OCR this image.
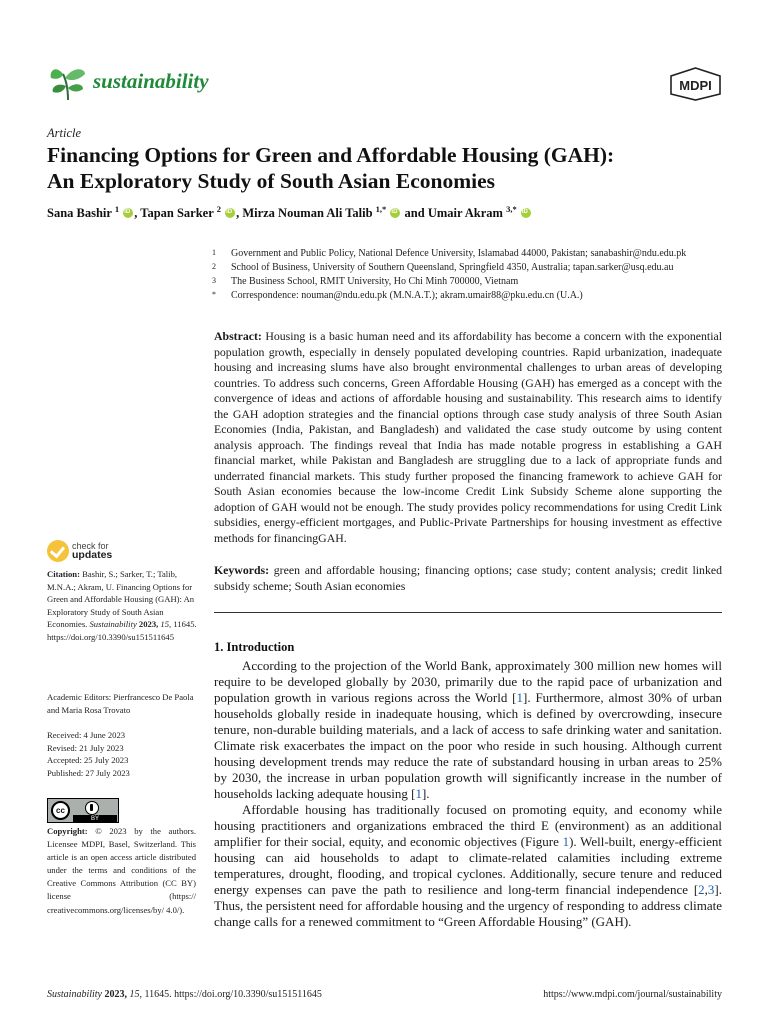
sustainability	MDPI
Article
Financing Options for Green and Affordable Housing (GAH):
An Exploratory Study of South Asian Economies
Sana Bashir $^1$ iD , Tapan Sarker $^2$ iD , Mirza Nouman Ali Talib $^{1,*}$ iD and Umair Akram $^{3,*}$ iD
1	Government and Public Policy, National Defence University, Islamabad 44000, Pakistan; sanabashir@ndu.edu.pk
2	School of Business, University of Southern Queensland, Springfield 4350, Australia; tapan.sarker@usq.edu.au
3	The Business School, RMIT University, Ho Chi Minh 700000, Vietnam
*	Correspondence: nouman@ndu.edu.pk (M.N.A.T.); akram.umair88@pku.edu.cn (U.A.)
Abstract: Housing is a basic human need and its affordability has become a concern with the exponential population growth, especially in densely populated developing countries. Rapid urbanization, inadequate housing and increasing slums have also brought environmental challenges to urban areas of developing countries. To address such concerns, Green Affordable Housing (GAH) has emerged as a concept with the convergence of ideas and actions of affordable housing and sustainability. This research aims to identify the GAH adoption strategies and the financial options through case study analysis of three South Asian Economies (India, Pakistan, and Bangladesh) and validated the case study outcome by using content analysis approach. The findings reveal that India has made notable progress in establishing a GAH financial market, while Pakistan and Bangladesh are struggling due to a lack of appropriate funds and underrated financial markets. This study further proposed the financing framework to achieve GAH for South Asian economies because the low-income Credit Link Subsidy Scheme alone supporting the adoption of GAH would not be enough. The study provides policy recommendations for using Credit Link subsidies, energy-efficient mortgages, and Public-Private Partnerships for housing investment as effective methods for financingGAH.
Keywords: green and affordable housing; financing options; case study; content analysis; credit linked subsidy scheme; South Asian economies
1. Introduction

According to the projection of the World Bank, approximately 300 million new homes will require to be developed globally by 2030, primarily due to the rapid pace of urbanization and population growth in various regions across the World [1]. Furthermore, almost 30% of urban households globally reside in inadequate housing, which is defined by overcrowding, insecure tenure, non-durable building materials, and a lack of access to safe drinking water and sanitation. Climate risk exacerbates the impact on the poor who reside in such housing. Although current housing development trends may reduce the rate of substandard housing in urban areas to 25% by 2030, the increase in urban population growth will significantly increase in the number of households lacking adequate housing [1].

Affordable housing has traditionally focused on promoting equity, and economy while housing practitioners and organizations embraced the third E (environment) as an additional amplifier for their social, equity, and economic objectives (Figure 1). Well-built, energy-efficient housing can aid households to adapt to climate-related calamities including extreme temperatures, drought, flooding, and tropical cyclones. Additionally, secure tenure and reduced energy expenses can pave the path to resilience and long-term financial independence [2,3]. Thus, the persistent need for affordable housing and the urgency of responding to address climate change calls for a renewed commitment to “Green Affordable Housing” (GAH).

check for
updates
Citation: Bashir, S.; Sarker, T.; Talib, M.N.A.; Akram, U. Financing Options for Green and Affordable Housing (GAH): An Exploratory Study of South Asian Economies. Sustainability 2023, 15, 11645. https://doi.org/10.3390/su151511645
Academic Editors: Pierfrancesco De Paola and Maria Rosa Trovato
Received: 4 June 2023
Revised: 21 July 2023
Accepted: 25 July 2023
Published: 27 July 2023
cc
BY
Copyright: © 2023 by the authors. Licensee MDPI, Basel, Switzerland. This article is an open access article distributed under the terms and conditions of the Creative Commons Attribution (CC BY) license (https:// creativecommons.org/licenses/by/ 4.0/).
Sustainability 2023, 15, 11645. https://doi.org/10.3390/su151511645	https://www.mdpi.com/journal/sustainability
